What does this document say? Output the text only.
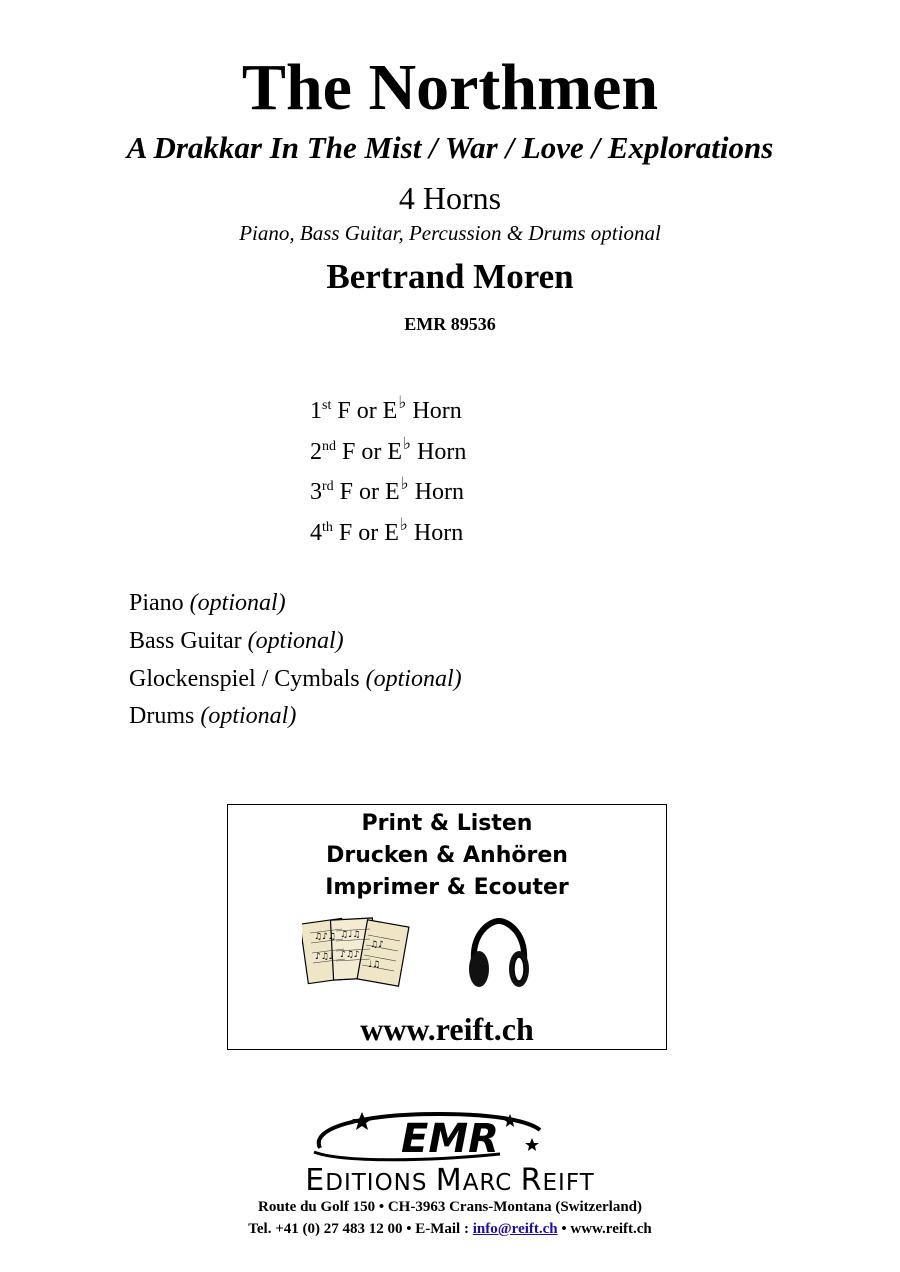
The Northmen
A Drakkar In The Mist / War / Love / Explorations
4 Horns
Piano, Bass Guitar, Percussion & Drums optional
Bertrand Moren
EMR 89536
1st F or E♭ Horn
2nd F or E♭ Horn
3rd F or E♭ Horn
4th F or E♭ Horn
Piano (optional)
Bass Guitar (optional)
Glockenspiel / Cymbals (optional)
Drums (optional)
Print & Listen
Drucken & Anhören
Imprimer & Ecouter
♫♪♫
♪♫♩
♫♩♫
♪♫♪
♫♪
♩♫
www.reift.ch
EMR
EDITIONS MARC REIFT
Route du Golf 150 • CH-3963 Crans-Montana (Switzerland)
Tel. +41 (0) 27 483 12 00 • E-Mail : info@reift.ch • www.reift.ch
